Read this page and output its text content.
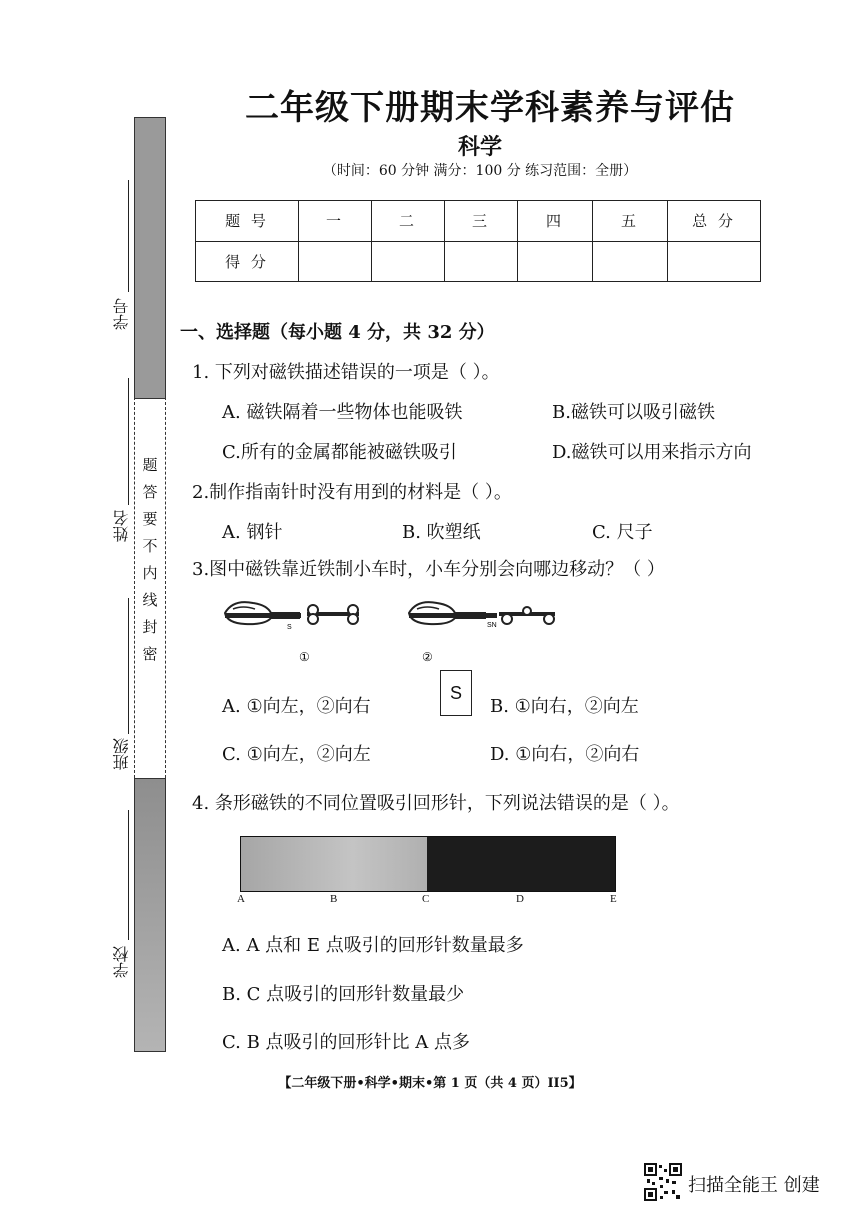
二年级下册期末学科素养与评估
科学
（时间：60 分钟 满分：100 分 练习范围：全册）
题 号	一	二	三	四	五	总 分
得 分						
题
答
要
不
内
线
封
密
学号
姓名
班级
学校
一、选择题（每小题 4 分，共 32 分）
1. 下列对磁铁描述错误的一项是（ ）。
A. 磁铁隔着一些物体也能吸铁	B.磁铁可以吸引磁铁
C.所有的金属都能被磁铁吸引	D.磁铁可以用来指示方向
2.制作指南针时没有用到的材料是（ ）。
A. 钢针	B. 吹塑纸	C. 尺子
3.图中磁铁靠近铁制小车时，小车分别会向哪边移动？（ ）
S
①
SN
②
S
A. ①向左，②向右	B. ①向右，②向左
C. ①向左，②向左	D. ①向右，②向右
4. 条形磁铁的不同位置吸引回形针，下列说法错误的是（ ）。
A	B	C	D	E
A. A 点和 E 点吸引的回形针数量最多
B. C 点吸引的回形针数量最少
C. B 点吸引的回形针比 A 点多
【二年级下册•科学•期末•第 1 页（共 4 页）II5】
扫描全能王 创建
